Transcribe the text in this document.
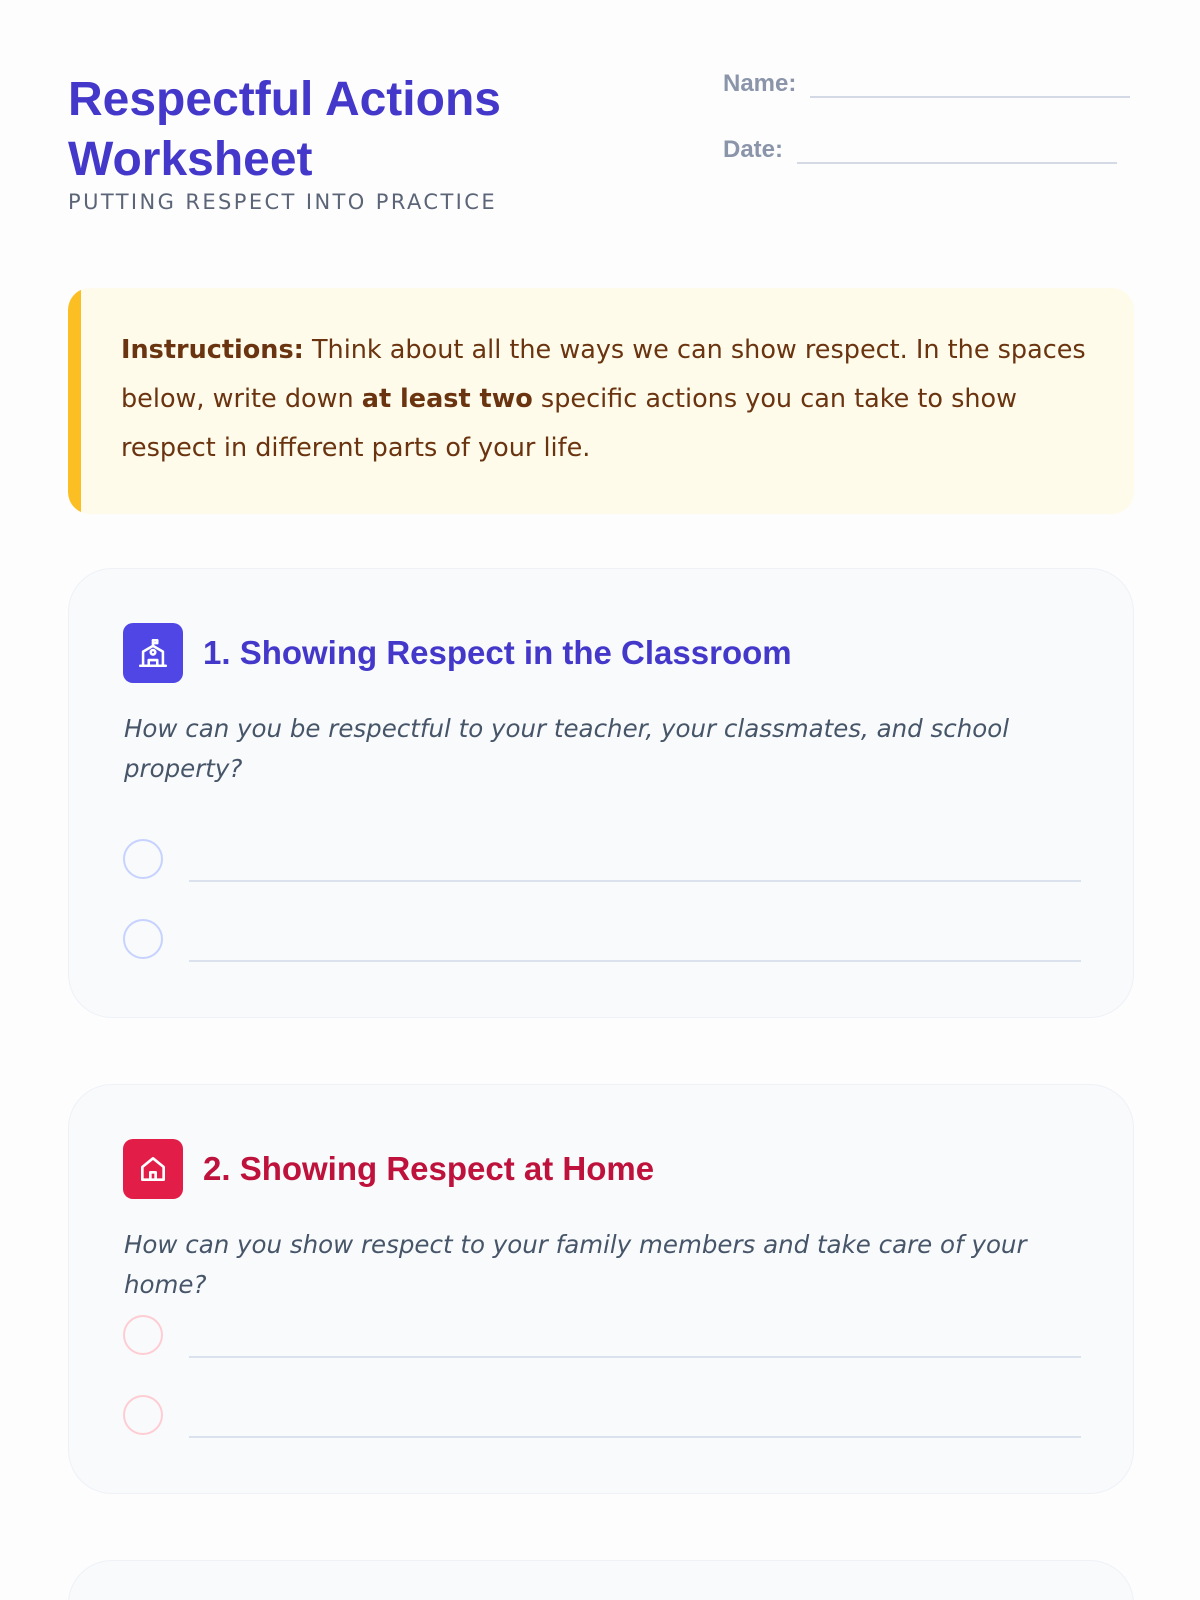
Respectful Actions Worksheet
PUTTING RESPECT INTO PRACTICE
Name:
Date:
Instructions: Think about all the ways we can show respect. In the spaces below, write down at least two specific actions you can take to show respect in different parts of your life.
1. Showing Respect in the Classroom

How can you be respectful to your teacher, your classmates, and school property?

2. Showing Respect at Home

How can you show respect to your family members and take care of your home?
